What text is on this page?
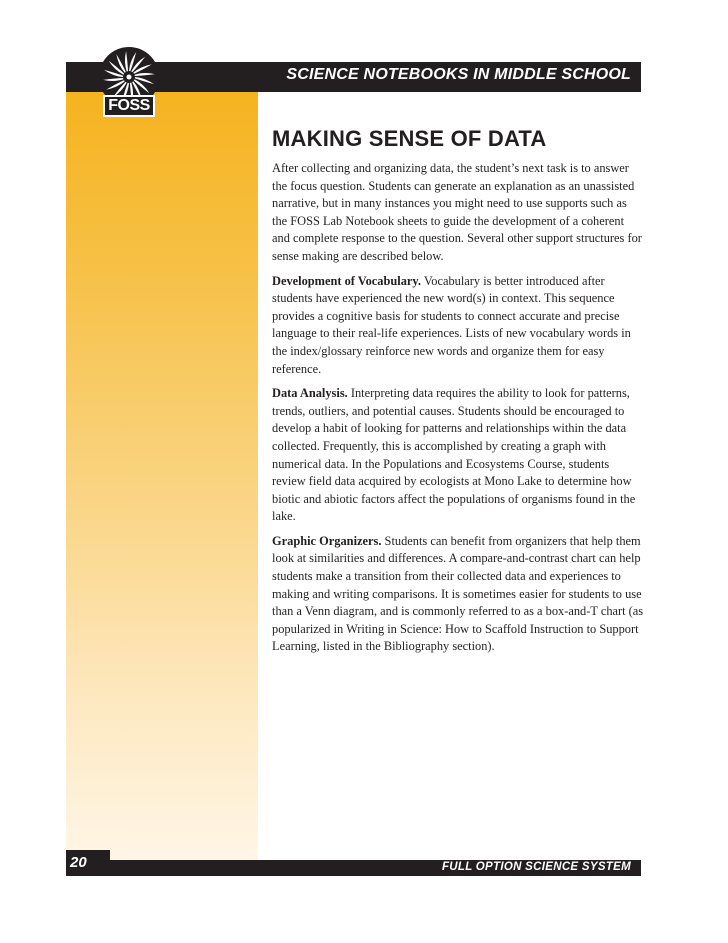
SCIENCE NOTEBOOKS IN MIDDLE SCHOOL
FOSS
MAKING SENSE OF DATA

After collecting and organizing data, the student’s next task is to answer the focus question. Students can generate an explanation as an unassisted narrative, but in many instances you might need to use supports such as the FOSS Lab Notebook sheets to guide the development of a coherent and complete response to the question. Several other support structures for sense making are described below.

Development of Vocabulary. Vocabulary is better introduced after students have experienced the new word(s) in context. This sequence provides a cognitive basis for students to connect accurate and precise language to their real-life experiences. Lists of new vocabulary words in the index/glossary reinforce new words and organize them for easy reference.

Data Analysis. Interpreting data requires the ability to look for patterns, trends, outliers, and potential causes. Students should be encouraged to develop a habit of looking for patterns and relationships within the data collected. Frequently, this is accomplished by creating a graph with numerical data. In the Populations and Ecosystems Course, students review field data acquired by ecologists at Mono Lake to determine how biotic and abiotic factors affect the populations of organisms found in the lake.

Graphic Organizers. Students can benefit from organizers that help them look at similarities and differences. A compare-and-contrast chart can help students make a transition from their collected data and experiences to making and writing comparisons. It is sometimes easier for students to use than a Venn diagram, and is commonly referred to as a box-and-T chart (as popularized in Writing in Science: How to Scaffold Instruction to Support Learning, listed in the Bibliography section).

FULL OPTION SCIENCE SYSTEM
20
